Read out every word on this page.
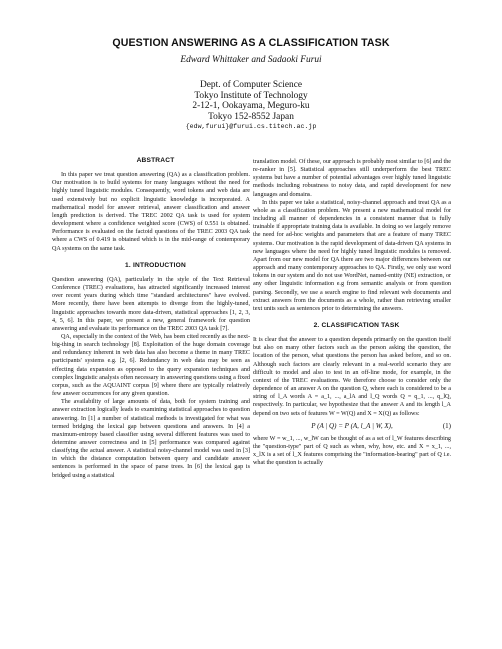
QUESTION ANSWERING AS A CLASSIFICATION TASK
Edward Whittaker and Sadaoki Furui
Dept. of Computer Science
Tokyo Institute of Technology
2-12-1, Ookayama, Meguro-ku
Tokyo 152-8552 Japan
{edw,furui}@furui.cs.titech.ac.jp

ABSTRACT

In this paper we treat question answering (QA) as a classification problem. Our motivation is to build systems for many languages without the need for highly tuned linguistic modules. Consequently, word tokens and web data are used extensively but no explicit linguistic knowledge is incorporated. A mathematical model for answer retrieval, answer classification and answer length prediction is derived. The TREC 2002 QA task is used for system development where a confidence weighted score (CWS) of 0.551 is obtained. Performance is evaluated on the factoid questions of the TREC 2003 QA task where a CWS of 0.419 is obtained which is in the mid-range of contemporary QA systems on the same task.

1. INTRODUCTION

Question answering (QA), particularly in the style of the Text Retrieval Conference (TREC) evaluations, has attracted significantly increased interest over recent years during which time "standard architectures" have evolved. More recently, there have been attempts to diverge from the highly-tuned, linguistic approaches towards more data-driven, statistical approaches [1, 2, 3, 4, 5, 6]. In this paper, we present a new, general framework for question answering and evaluate its performance on the TREC 2003 QA task [7].

QA, especially in the context of the Web, has been cited recently as the next-big-thing in search technology [8]. Exploitation of the huge domain coverage and redundancy inherent in web data has also become a theme in many TREC participants' systems e.g. [2, 6]. Redundancy in web data may be seen as effecting data expansion as opposed to the query expansion techniques and complex linguistic analysis often necessary in answering questions using a fixed corpus, such as the AQUAINT corpus [9] where there are typically relatively few answer occurrences for any given question.

The availability of large amounts of data, both for system training and answer extraction logically leads to examining statistical approaches to question answering. In [1] a number of statistical methods is investigated for what was termed bridging the lexical gap between questions and answers. In [4] a maximum-entropy based classifier using several different features was used to determine answer correctness and in [5] performance was compared against classifying the actual answer. A statistical noisy-channel model was used in [3] in which the distance computation between query and candidate answer sentences is performed in the space of parse trees. In [6] the lexical gap is bridged using a statistical

translation model. Of these, our approach is probably most similar to [6] and the re-ranker in [5]. Statistical approaches still underperform the best TREC systems but have a number of potential advantages over highly tuned linguistic methods including robustness to noisy data, and rapid development for new languages and domains.

In this paper we take a statistical, noisy-channel approach and treat QA as a whole as a classification problem. We present a new mathematical model for including all manner of dependencies in a consistent manner that is fully trainable if appropriate training data is available. In doing so we largely remove the need for ad-hoc weights and parameters that are a feature of many TREC systems. Our motivation is the rapid development of data-driven QA systems in new languages where the need for highly tuned linguistic modules is removed. Apart from our new model for QA there are two major differences between our approach and many contemporary approaches to QA. Firstly, we only use word tokens in our system and do not use WordNet, named-entity (NE) extraction, or any other linguistic information e.g from semantic analysis or from question parsing. Secondly, we use a search engine to find relevant web documents and extract answers from the documents as a whole, rather than retrieving smaller text units such as sentences prior to determining the answers.

2. CLASSIFICATION TASK

It is clear that the answer to a question depends primarily on the question itself but also on many other factors such as the person asking the question, the location of the person, what questions the person has asked before, and so on. Although such factors are clearly relevant in a real-world scenario they are difficult to model and also to test in an off-line mode, for example, in the context of the TREC evaluations. We therefore choose to consider only the dependence of an answer A on the question Q, where each is considered to be a string of l_A words A = a_1, ..., a_lA and l_Q words Q = q_1, ..., q_lQ, respectively. In particular, we hypothesize that the answer A and its length l_A depend on two sets of features W = W(Q) and X = X(Q) as follows:

P (A | Q) = P (A, l_A | W, X),	(1)

where W = w_1, ..., w_lW can be thought of as a set of l_W features describing the "question-type" part of Q such as when, why, how, etc. and X = x_1, ..., x_lX is a set of l_X features comprising the "information-bearing" part of Q i.e. what the question is actually
